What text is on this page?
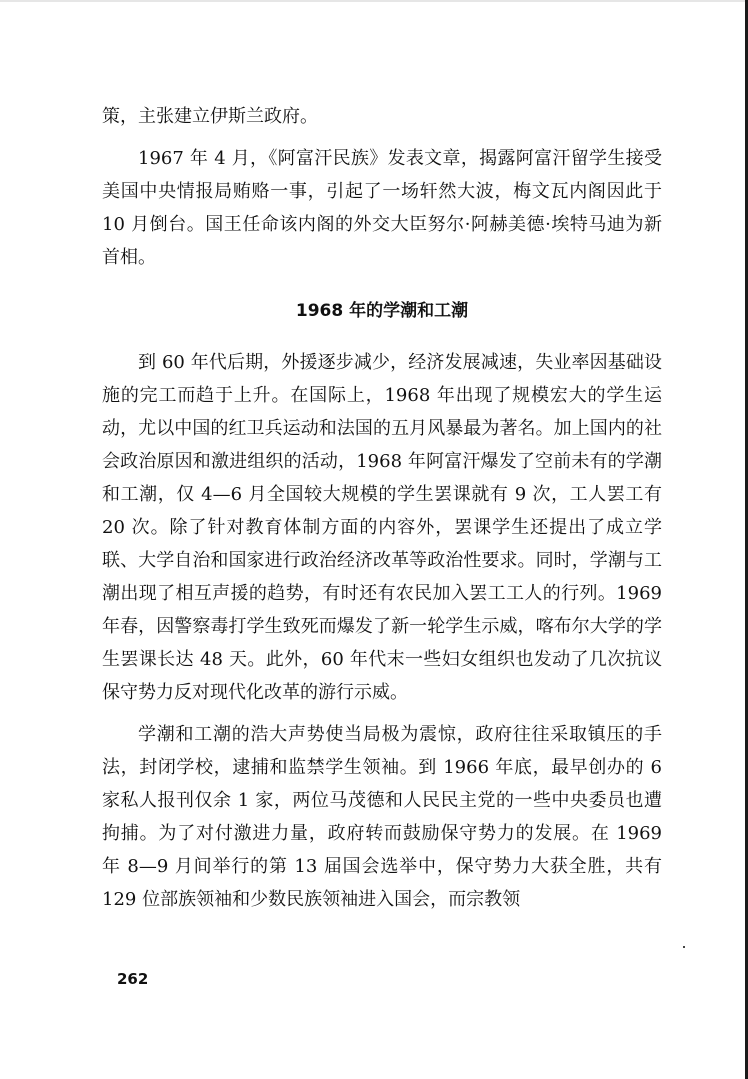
策，主张建立伊斯兰政府。

1967 年 4 月，《阿富汗民族》发表文章，揭露阿富汗留学生接受美国中央情报局贿赂一事，引起了一场轩然大波，梅文瓦内阁因此于 10 月倒台。国王任命该内阁的外交大臣努尔·阿赫美德·埃特马迪为新首相。

1968 年的学潮和工潮

到 60 年代后期，外援逐步减少，经济发展减速，失业率因基础设施的完工而趋于上升。在国际上，1968 年出现了规模宏大的学生运动，尤以中国的红卫兵运动和法国的五月风暴最为著名。加上国内的社会政治原因和激进组织的活动，1968 年阿富汗爆发了空前未有的学潮和工潮，仅 4—6 月全国较大规模的学生罢课就有 9 次，工人罢工有 20 次。除了针对教育体制方面的内容外，罢课学生还提出了成立学联、大学自治和国家进行政治经济改革等政治性要求。同时，学潮与工潮出现了相互声援的趋势，有时还有农民加入罢工工人的行列。1969 年春，因警察毒打学生致死而爆发了新一轮学生示威，喀布尔大学的学生罢课长达 48 天。此外，60 年代末一些妇女组织也发动了几次抗议保守势力反对现代化改革的游行示威。

学潮和工潮的浩大声势使当局极为震惊，政府往往采取镇压的手法，封闭学校，逮捕和监禁学生领袖。到 1966 年底，最早创办的 6 家私人报刊仅余 1 家，两位马茂德和人民民主党的一些中央委员也遭拘捕。为了对付激进力量，政府转而鼓励保守势力的发展。在 1969 年 8—9 月间举行的第 13 届国会选举中，保守势力大获全胜，共有 129 位部族领袖和少数民族领袖进入国会，而宗教领

262
